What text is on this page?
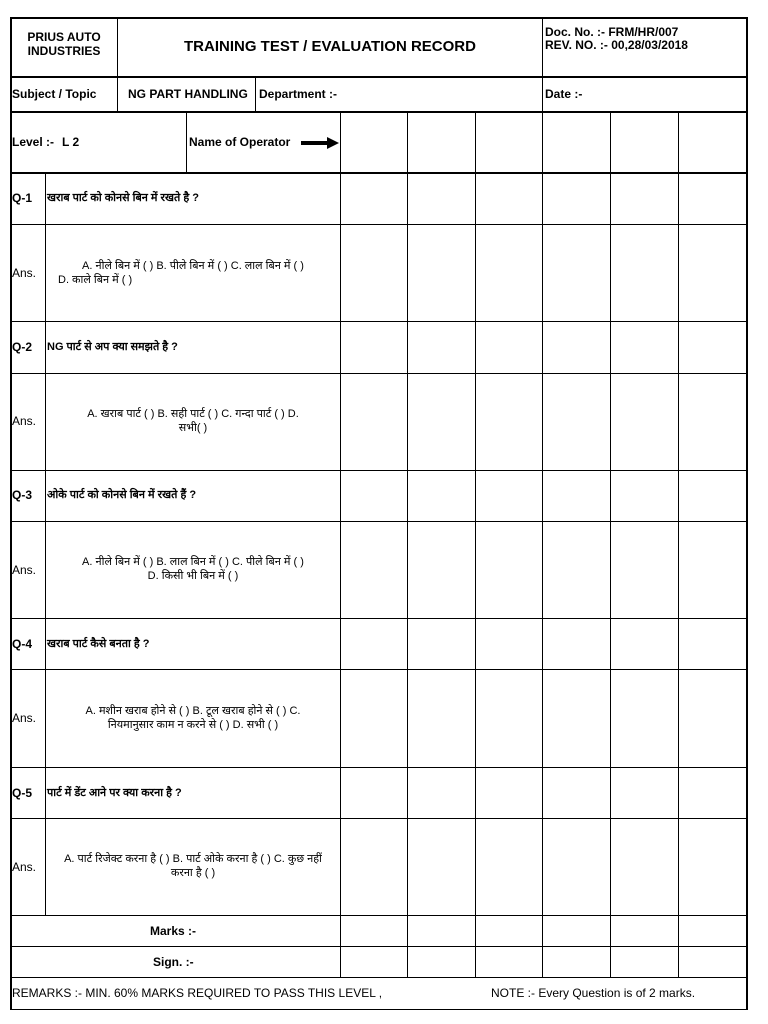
PRIUS AUTO
INDUSTRIES	TRAINING TEST / EVALUATION RECORD
Doc. No. :- FRM/HR/007
REV. NO. :- 00,28/03/2018
Subject / Topic	NG PART HANDLING Department :-	Date :-
Level :- L 2	Name of Operator
Q-1 खराब पार्ट को कोनसे बिन में रखते है ?
Ans.	A. नीले बिन में ( ) B. पीले बिन में ( ) C. लाल बिन में ( )

D. काले बिन में ( )
Q-2 NG पार्ट से अप क्या समझते है ?
Ans.	A. खराब पार्ट ( ) B. सही पार्ट ( ) C. गन्दा पार्ट ( ) D.
सभी( )
Q-3 ओके पार्ट को कोनसे बिन में रखते हैं ?
Ans.
A. नीले बिन में ( ) B. लाल बिन में ( ) C. पीले बिन में ( )
D. किसी भी बिन में ( )
Q-4 खराब पार्ट कैसे बनता है ?
Ans.	A. मशीन खराब होने से ( ) B. टूल खराब होने से ( ) C.
नियमानुसार काम न करने से ( ) D. सभी ( )
Q-5 पार्ट में डेंट आने पर क्या करना है ?
Ans.
A. पार्ट रिजेक्ट करना है ( ) B. पार्ट ओके करना है ( ) C. कुछ नहीं
करना है ( )
Marks :-
Sign. :-
REMARKS :- MIN. 60% MARKS REQUIRED TO PASS THIS LEVEL ,	NOTE :- Every Question is of 2 marks.
